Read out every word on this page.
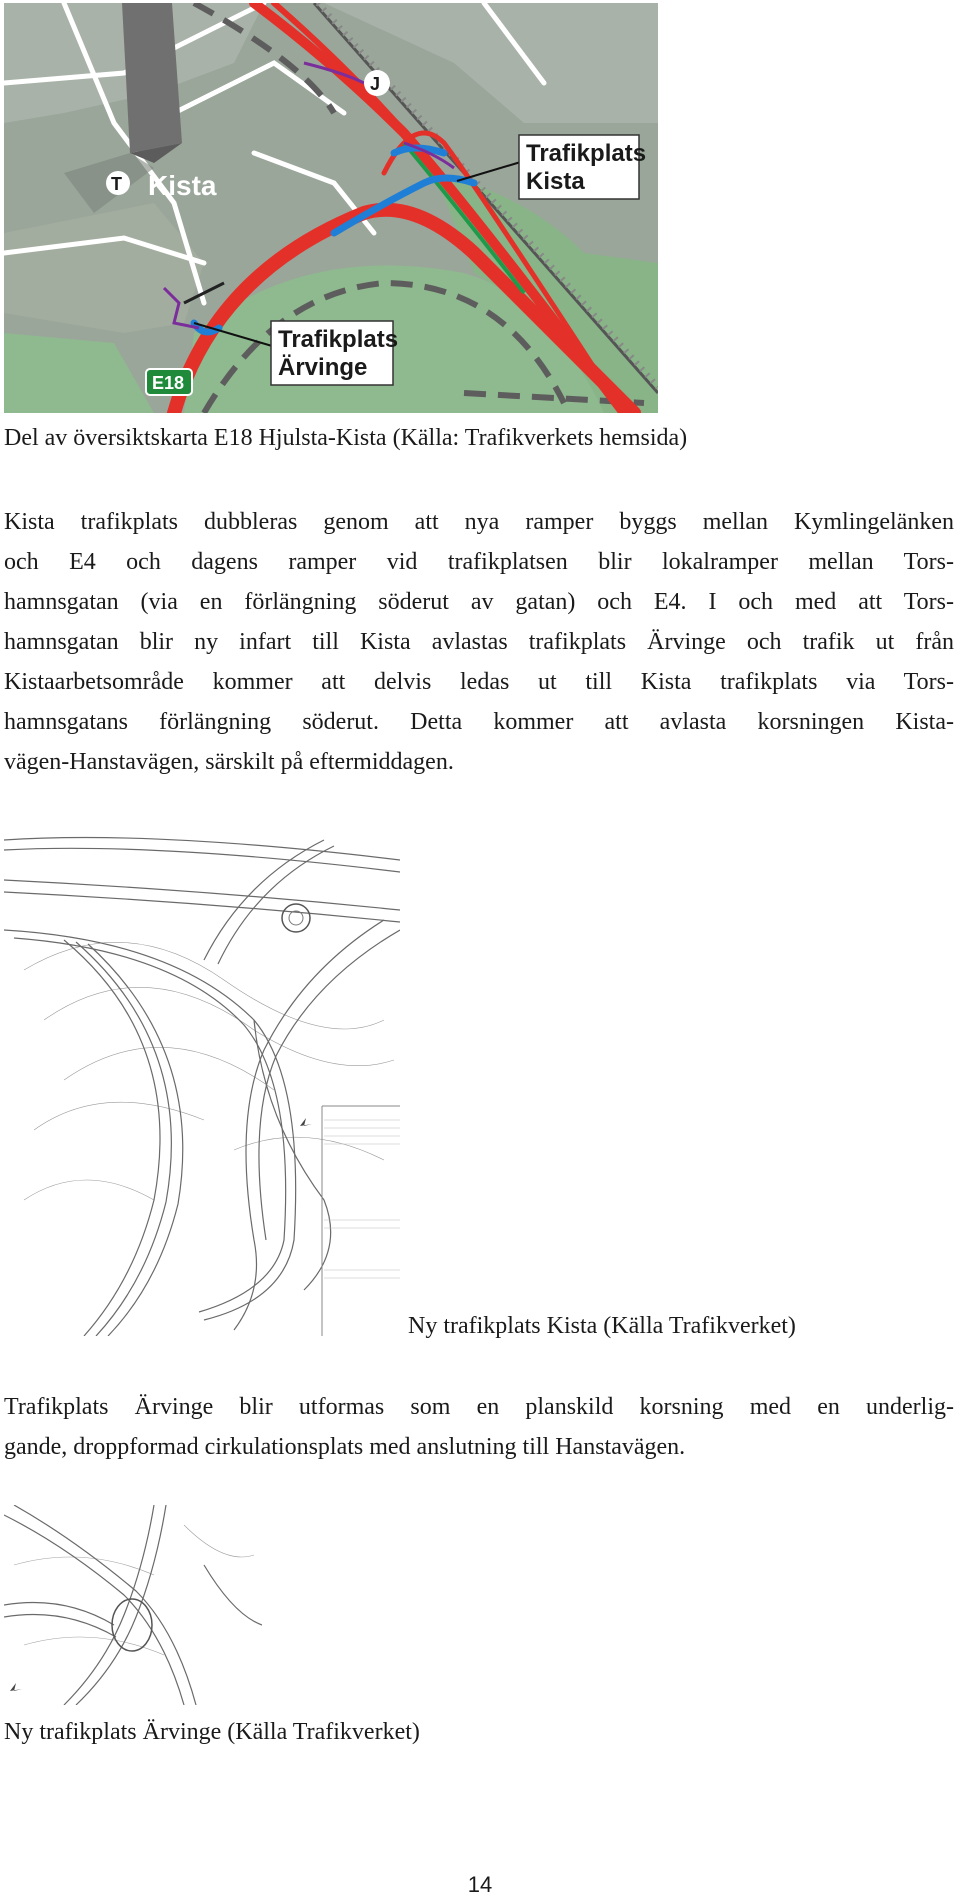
Trafikplats
Kista
Trafikplats
Ärvinge
T Kista
J
E18
Del av översiktskarta E18 Hjulsta-Kista (Källa: Trafikverkets hemsida)
Kista trafikplats dubbleras genom att nya ramper byggs mellan Kymlingelänken
och E4 och dagens ramper vid trafikplatsen blir lokalramper mellan Tors-
hamnsgatan (via en förlängning söderut av gatan) och E4. I och med att Tors-
hamnsgatan blir ny infart till Kista avlastas trafikplats Ärvinge och trafik ut från
Kistaarbetsområde kommer att delvis ledas ut till Kista trafikplats via Tors-
hamnsgatans förlängning söderut. Detta kommer att avlasta korsningen Kista-
vägen-Hanstavägen, särskilt på eftermiddagen.
Ny trafikplats Kista (Källa Trafikverket)
Trafikplats Ärvinge blir utformas som en planskild korsning med en underlig-
gande, droppformad cirkulationsplats med anslutning till Hanstavägen.
Ny trafikplats Ärvinge (Källa Trafikverket)
14
